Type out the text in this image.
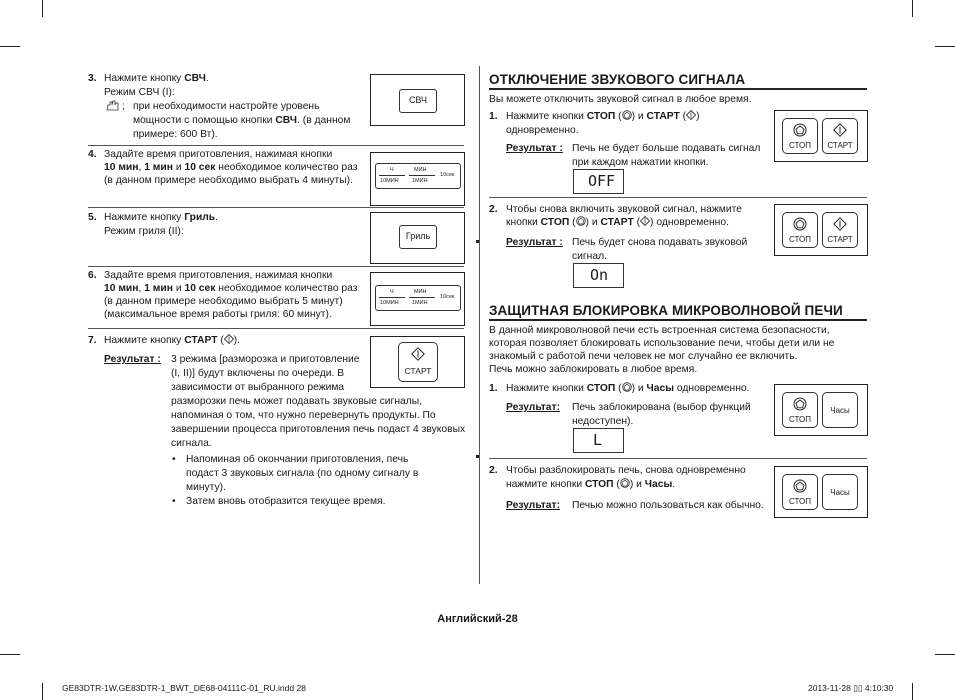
3. Нажмите кнопку СВЧ.
Режим СВЧ (I):
; при необходимости настройте уровень
мощности с помощью кнопки СВЧ. (в данном
примере: 600 Вт).
СВЧ
4. Задайте время приготовления, нажимая кнопки
10 мин, 1 мин и 10 сек необходимое количество раз
(в данном примере необходимо выбрать 4 минуты).
Ч	МИН
10сек
10МИН 1МИН
5. Нажмите кнопку Гриль.
Режим гриля (II):	Гриль
6. Задайте время приготовления, нажимая кнопки
10 мин, 1 мин и 10 сек необходимое количество раз
(в данном примере необходимо выбрать 5 минут)
(максимальное время работы гриля: 60 минут).
Ч	МИН
10сек
10МИН 1МИН
7. Нажмите кнопку СТАРТ ( ).
Результат : 3 режима [разморозка и приготовление
(I, II)] будут включены по очереди. В
зависимости от выбранного режима
разморозки печь может подавать звуковые сигналы,
напоминая о том, что нужно перевернуть продукты. По
завершении процесса приготовления печь подаст 4 звуковых
сигнала.
• Напоминая об окончании приготовления, печь
подаст 3 звуковых сигнала (по одному сигналу в
минуту).
• Затем вновь отобразится текущее время.
СТАРТ
ОТКЛЮЧЕНИЕ ЗВУКОВОГО СИГНАЛА
Вы можете отключить звуковой сигнал в любое время.
1. Нажмите кнопки СТОП ( ) и СТАРТ ( )
одновременно.
Результат : Печь не будет больше подавать сигнал
при каждом нажатии кнопки.
OFF
СТОП	СТАРТ
2. Чтобы снова включить звуковой сигнал, нажмите
кнопки СТОП ( ) и СТАРТ ( ) одновременно.
Результат : Печь будет снова подавать звуковой
сигнал.
On
СТОП	СТАРТ
ЗАЩИТНАЯ БЛОКИРОВКА МИКРОВОЛНОВОЙ ПЕЧИ
В данной микроволновой печи есть встроенная система безопасности,
которая позволяет блокировать использование печи, чтобы дети или не
знакомый с работой печи человек не мог случайно ее включить.
Печь можно заблокировать в любое время.
1. Нажмите кнопки СТОП ( ) и Часы одновременно.
Результат: Печь заблокирована (выбор функций
недоступен).
L
СТОП
Часы
2. Чтобы разблокировать печь, снова одновременно
нажмите кнопки СТОП ( ) и Часы.
Результат: Печью можно пользоваться как обычно.	СТОП
Часы
Английский-28
GE83DTR-1W,GE83DTR-1_BWT_DE68-04111C-01_RU.indd 28	2013-11-28 ▯▯ 4:10:30
